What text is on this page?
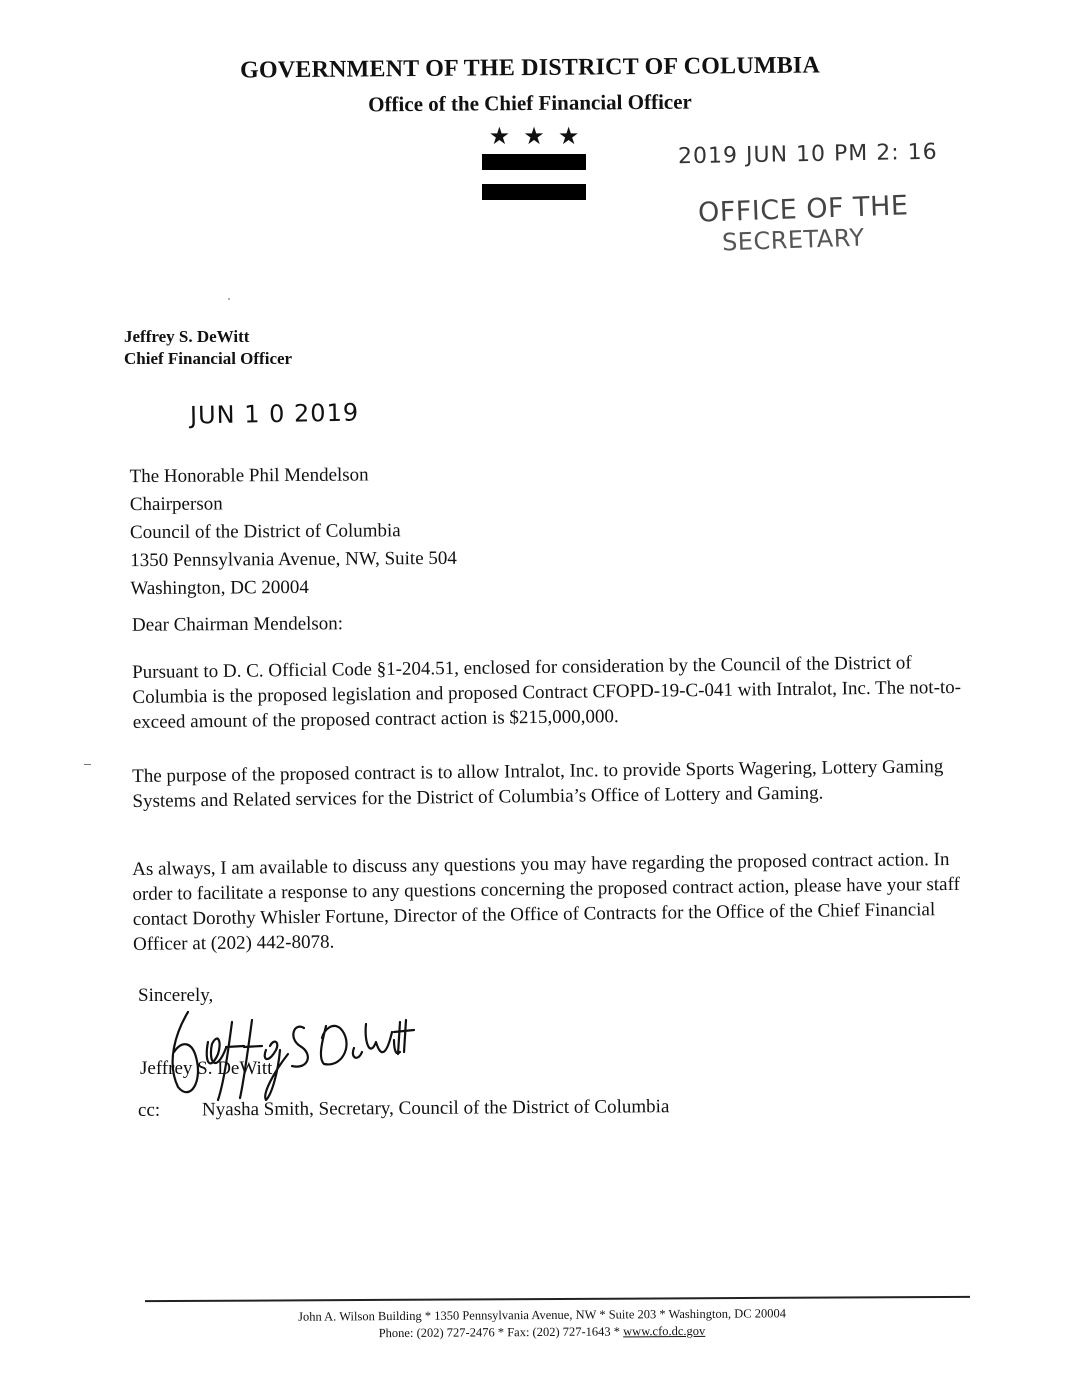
GOVERNMENT OF THE DISTRICT OF COLUMBIA
Office of the Chief Financial Officer
★ ★ ★
2019 JUN 10 PM 2: 16
OFFICE OF THE
SECRETARY
Jeffrey S. DeWitt
Chief Financial Officer
JUN 1 0 2019
The Honorable Phil Mendelson
Chairperson
Council of the District of Columbia
1350 Pennsylvania Avenue, NW, Suite 504
Washington, DC 20004
Dear Chairman Mendelson:
Pursuant to D. C. Official Code §1-204.51, enclosed for consideration by the Council of the District of Columbia is the proposed legislation and proposed Contract CFOPD-19-C-041 with Intralot, Inc. The not-to-exceed amount of the proposed contract action is $215,000,000.
The purpose of the proposed contract is to allow Intralot, Inc. to provide Sports Wagering, Lottery Gaming Systems and Related services for the District of Columbia’s Office of Lottery and Gaming.
As always, I am available to discuss any questions you may have regarding the proposed contract action. In order to facilitate a response to any questions concerning the proposed contract action, please have your staff contact Dorothy Whisler Fortune, Director of the Office of Contracts for the Office of the Chief Financial Officer at (202) 442-8078.
Sincerely,
Jeffrey S. DeWitt
cc: Nyasha Smith, Secretary, Council of the District of Columbia
John A. Wilson Building * 1350 Pennsylvania Avenue, NW * Suite 203 * Washington, DC 20004
Phone: (202) 727-2476 * Fax: (202) 727-1643 * www.cfo.dc.gov
